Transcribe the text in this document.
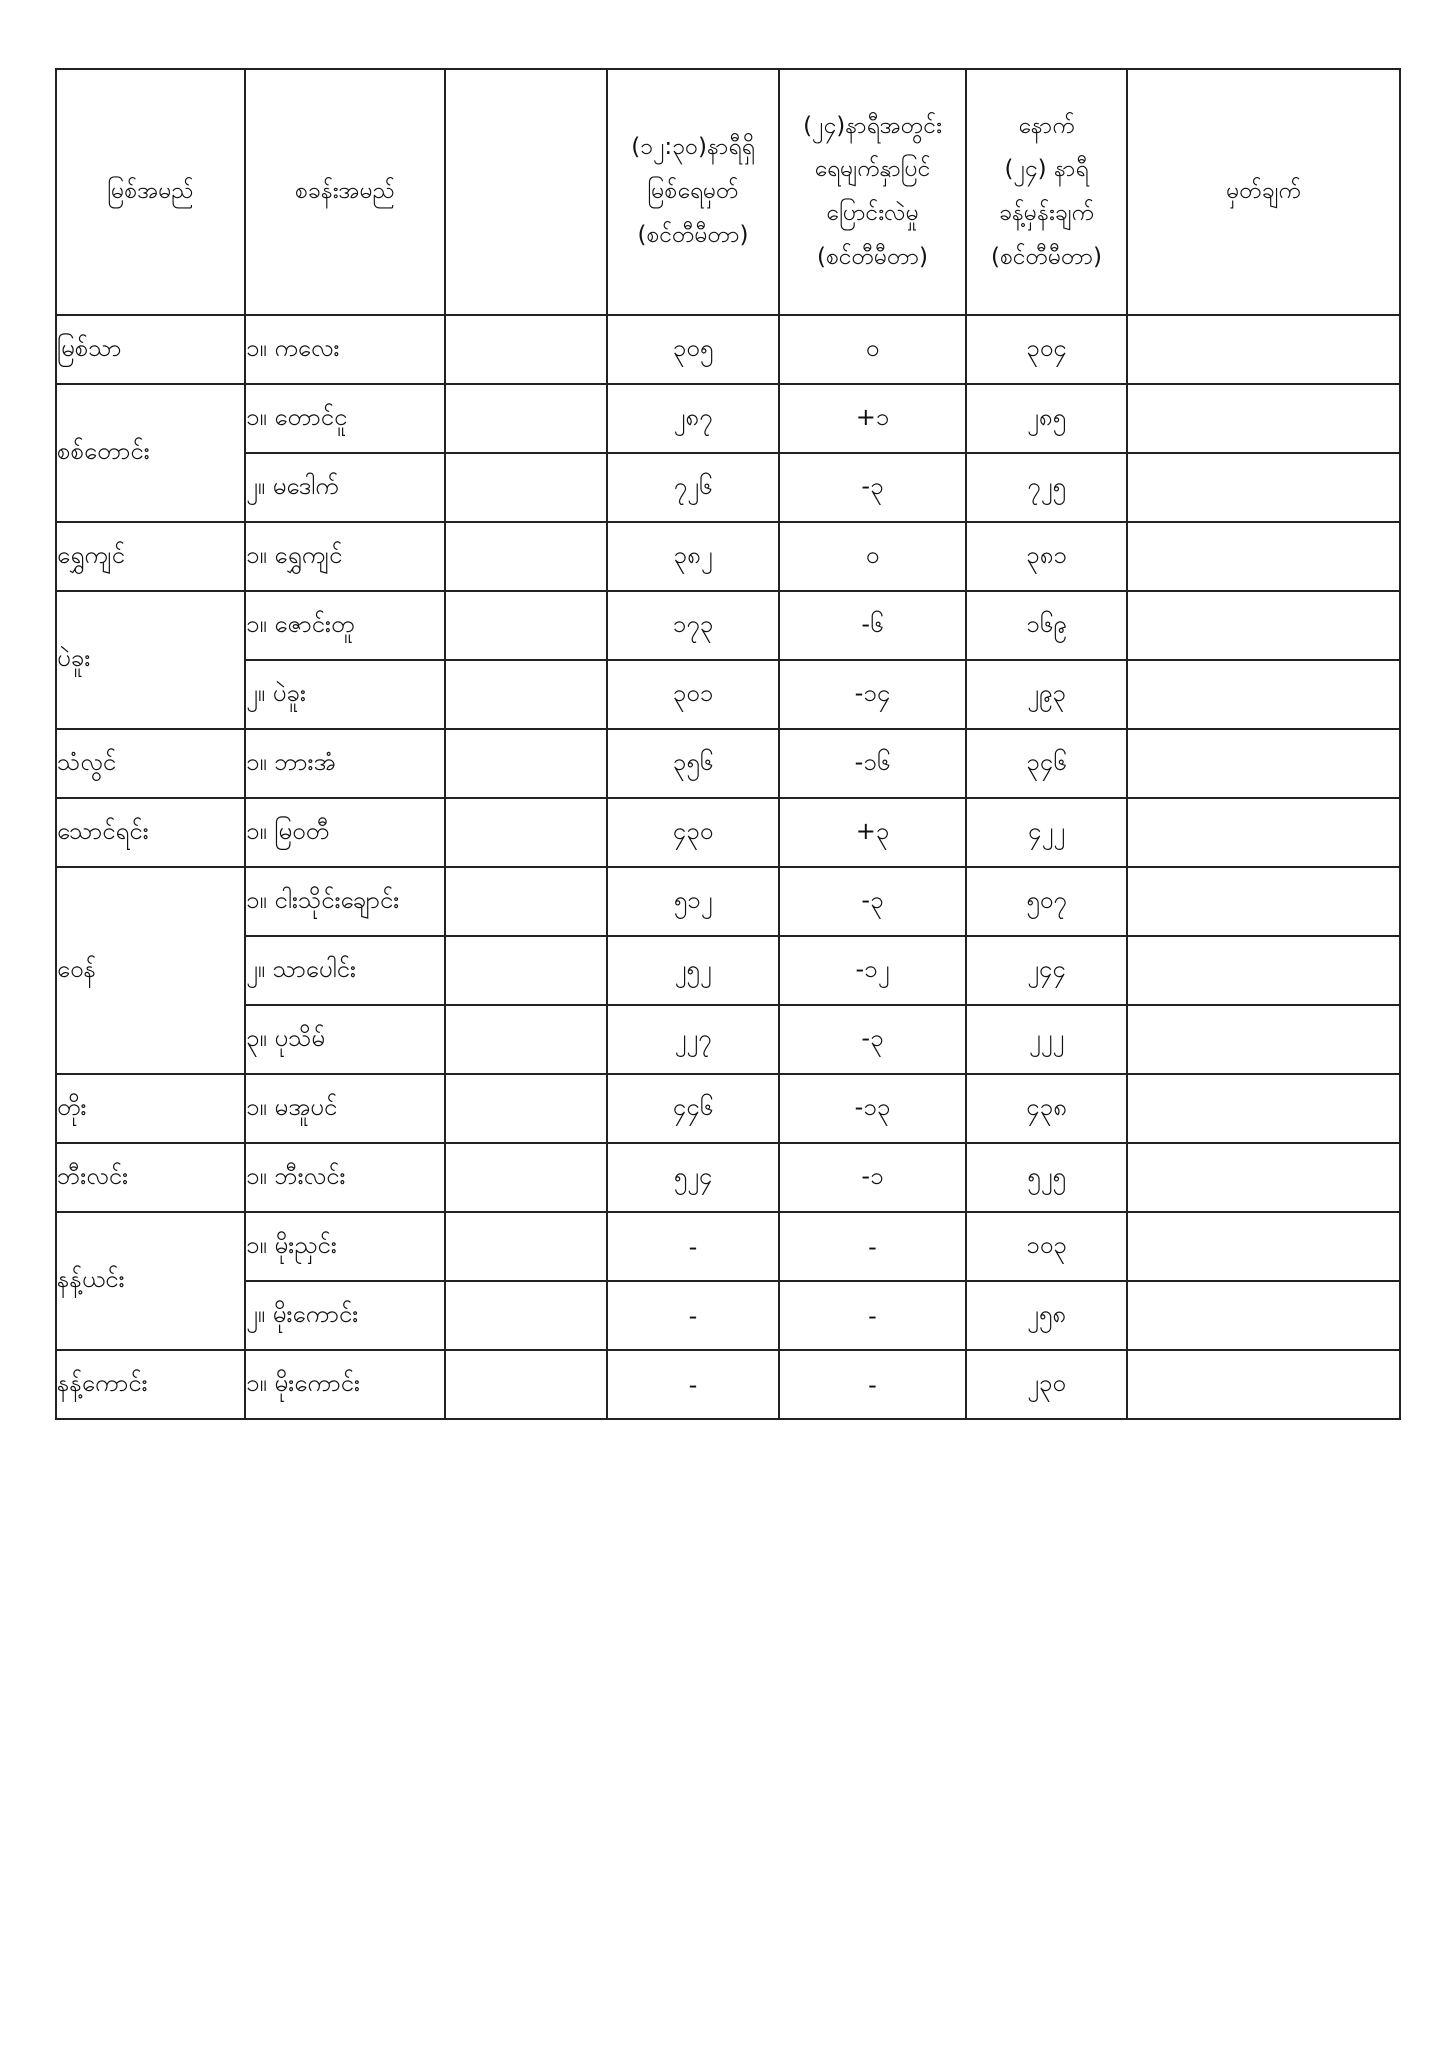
မြစ်အမည်	စခန်းအမည်		(၁၂:၃၀)နာရီရှိ
မြစ်ရေမှတ်
(စင်တီမီတာ)	(၂၄)နာရီအတွင်း
ရေမျက်နှာပြင်
ပြောင်းလဲမှု
(စင်တီမီတာ)	နောက်
(၂၄) နာရီ
ခန့်မှန်းချက်
(စင်တီမီတာ)	မှတ်ချက်

မြစ်သာ	၁။ ကလေး		၃၀၅	၀	၃၀၄	
စစ်တောင်း	၁။ တောင်ငူ		၂၈၇	+၁	၂၈၅	
	၂။ မဒေါက်		၇၂၆	-၃	၇၂၅	
ရွှေကျင်	၁။ ရွှေကျင်		၃၈၂	၀	၃၈၁	
ပဲခူး	၁။ ဇောင်းတူ		၁၇၃	-၆	၁၆၉	
	၂။ ပဲခူး		၃၀၁	-၁၄	၂၉၃	
သံလွင်	၁။ ဘားအံ		၃၅၆	-၁၆	၃၄၆	
သောင်ရင်း	၁။ မြဝတီ		၄၃၀	+၃	၄၂၂	
ဝေန်	၁။ ငါးသိုင်းချောင်း		၅၁၂	-၃	၅၀၇	
	၂။ သာပေါင်း		၂၅၂	-၁၂	၂၄၄	
	၃။ ပုသိမ်		၂၂၇	-၃	၂၂၂	
တိုး	၁။ မအူပင်		၄၄၆	-၁၃	၄၃၈	
ဘီးလင်း	၁။ ဘီးလင်း		၅၂၄	-၁	၅၂၅	
နန့်ယင်း	၁။ မိုးညှင်း		-	-	၁၀၃	
	၂။ မိုးကောင်း		-	-	၂၅၈	
နန့်ကောင်း	၁။ မိုးကောင်း		-	-	၂၃၀	
